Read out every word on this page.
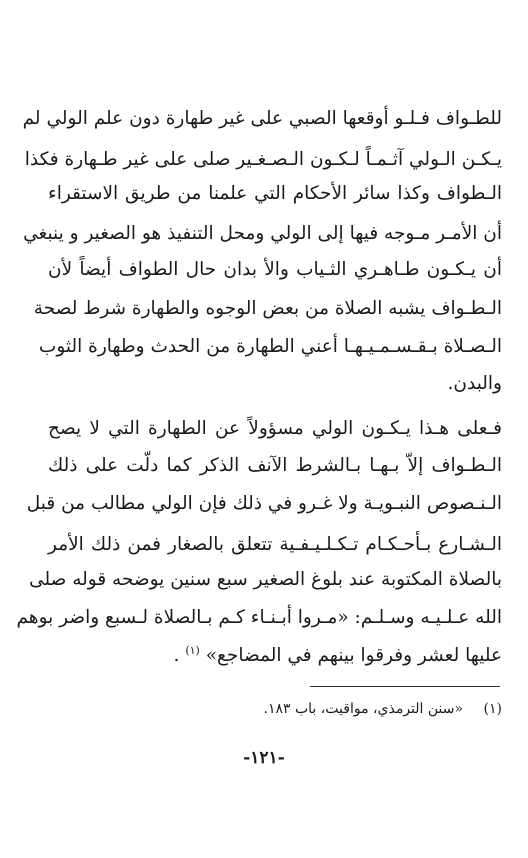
للطـواف فـلـو أوقعها الصبي على غير طهارة دون علم الولي لم
يـكـن الـولي آثـمـاً لـكـون الـصـغـير صلى على غير طـهارة فكذا
الـطواف وكذا سائر الأحكام التي علمنا من طريق الاستقراء
أن الأمـر مـوجه فيها إلى الولي ومحل التنفيذ هو الصغير و ينبغي
أن يـكـون طـاهـري الثـياب والأ بدان حال الطواف أيضاً لأن
الـطـواف يشبه الصلاة من بعض الوجوه والطهارة شرط لصحة
الـصـلاة بـقـسـمـيـهـا أعني الطهارة من الحدث وطهارة الثوب
والبدن.
فـعلى هـذا يـكـون الولي مسؤولاً عن الطهارة التي لا يصح
الـطـواف إلاّ بـهـا بـالشرط الآنف الذكر كما دلّت على ذلك
الـنـصوص النبـويـة ولا غـرو في ذلك فإن الولي مطالب من قبل
الـشـارع بـأحـكـام تـكـلـيـفـية تتعلق بالصغار فمن ذلك الأمر
بالصلاة المكتوبة عند بلوغ الصغير سبع سنين يوضحه قوله صلى
الله عـلـيـه وسـلـم: «مـروا أبـنـاء كـم بـالصلاة لـسبع واضر بوهم
عليها لعشر وفرقوا بينهم في المضاجع» $^{(١)}$ .
(١) «سنن الترمذي، مواقيت، باب ١٨٣.
-١٢١-
